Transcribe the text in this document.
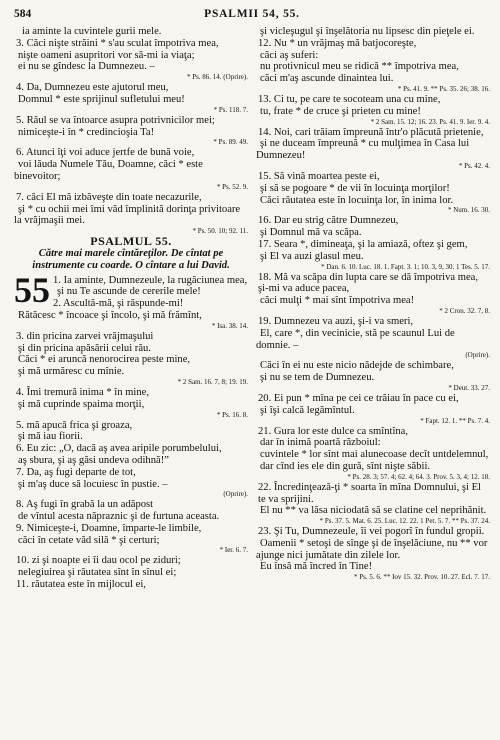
584	PSALMII 54, 55.

ia aminte la cuvintele gurii mele.

3. Căci nişte străini * s'au sculat împotriva mea,

nişte oameni asupritori vor să-mi ia viaţa;

ei nu se gîndesc la Dumnezeu. –

* Ps. 86. 14. (Oprire).

4. Da, Dumnezeu este ajutorul meu,

Domnul * este sprijinul sufletului meu!

* Ps. 118. 7.

5. Răul se va întoarce asupra potrivnicilor mei;

nimiceşte-i în * credincioşia Ta!

* Ps. 89. 49.

6. Atunci îţi voi aduce jertfe de bună voie,

voi lăuda Numele Tău, Doamne, căci * este binevoitor;

* Ps. 52. 9.

7. căci El mă izbăveşte din toate necazurile,

şi * cu ochii mei îmi văd împlinită dorinţa privitoare la vrăjmaşii mei.

* Ps. 50. 10; 92. 11.

PSALMUL 55.

Către mai marele cîntăreţilor. De cîntat pe instrumente cu coarde. O cîntare a lui David.

55 1. Ia aminte, Dumnezeule, la rugăciunea mea,

şi nu Te ascunde de cererile mele!

2. Ascultă-mă, şi răspunde-mi!

Rătăcesc * încoace şi încolo, şi mă frămînt,

* Isa. 38. 14.

3. din pricina zarvei vrăjmaşului

şi din pricina apăsării celui rău.

Căci * ei aruncă nenorocirea peste mine,

şi mă urmăresc cu mînie.

* 2 Sam. 16. 7, 8; 19. 19.

4. Îmi tremură inima * în mine,

şi mă cuprinde spaima morţii,

* Ps. 16. 8.

5. mă apucă frica şi groaza,

şi mă iau fiorii.

6. Eu zic: „O, dacă aş avea aripile porumbelului,

aş sbura, şi aş găsi undeva odihnă!”

7. Da, aş fugi departe de tot,

şi m'aş duce să locuiesc în pustie. –

(Oprire).

8. Aş fugi în grabă la un adăpost

de vîntul acesta năpraznic şi de furtuna aceasta.

9. Nimiceşte-i, Doamne, împarte-le limbile,

căci în cetate văd silă * şi certuri;

* Ier. 6. 7.

10. zi şi noapte ei îi dau ocol pe ziduri;

nelegiuirea şi răutatea sînt în sînul ei;

11. răutatea este în mijlocul ei,

şi vicleşugul şi înşelătoria nu lipsesc din pieţele ei.

12. Nu * un vrăjmaş mă batjocoreşte,

căci aş suferi:

nu protivnicul meu se ridică ** împotriva mea,

căci m'aş ascunde dinaintea lui.

* Ps. 41. 9. ** Ps. 35. 26; 38. 16.

13. Ci tu, pe care te socoteam una cu mine,

tu, frate * de cruce şi prieten cu mine!

* 2 Sam. 15. 12; 16. 23. Ps. 41. 9. Ier. 9. 4.

14. Noi, cari trăiam împreună într'o plăcută prietenie,

şi ne duceam împreună * cu mulţimea în Casa lui Dumnezeu!

* Ps. 42. 4.

15. Să vină moartea peste ei,

şi să se pogoare * de vii în locuinţa morţilor!

Căci răutatea este în locuinţa lor, în inima lor.

* Num. 16. 30.

16. Dar eu strig către Dumnezeu,

şi Domnul mă va scăpa.

17. Seara *, dimineaţa, şi la amiază, oftez şi gem,

şi El va auzi glasul meu.

* Dan. 6. 10. Luc. 18. 1. Fapt. 3. 1; 10. 3, 9, 30. 1 Tes. 5. 17.

18. Mă va scăpa din lupta care se dă împotriva mea, şi-mi va aduce pacea,

căci mulţi * mai sînt împotriva mea!

* 2 Cron. 32. 7, 8.

19. Dumnezeu va auzi, şi-i va smeri,

El, care *, din vecinicie, stă pe scaunul Lui de domnie. –

(Oprire).

Căci în ei nu este nicio nădejde de schimbare,

şi nu se tem de Dumnezeu.

* Deut. 33. 27.

20. Ei pun * mîna pe cei ce trăiau în pace cu ei,

şi îşi calcă legămîntul.

* Fapt. 12. 1. ** Ps. 7. 4.

21. Gura lor este dulce ca smîntîna,

dar în inimă poartă războiul:

cuvintele * lor sînt mai alunecoase decît untdelemnul,

dar cînd ies ele din gură, sînt nişte săbii.

* Ps. 28. 3; 57. 4; 62. 4; 64. 3. Prov. 5. 3, 4; 12. 18.

22. Încredinţează-ţi * soarta în mîna Domnului, şi El te va sprijini.

El nu ** va lăsa niciodată să se clatine cel neprihănit.

* Ps. 37. 5. Mat. 6. 25. Luc. 12. 22. 1 Pet. 5. 7. ** Ps. 37. 24.

23. Şi Tu, Dumnezeule, îi vei pogorî în fundul gropii.

Oamenii * setoşi de sînge şi de înşelăciune, nu ** vor ajunge nici jumătate din zilele lor.

Eu însă mă încred în Tine!

* Ps. 5. 6. ** Iov 15. 32. Prov. 10. 27. Ecl. 7. 17.
